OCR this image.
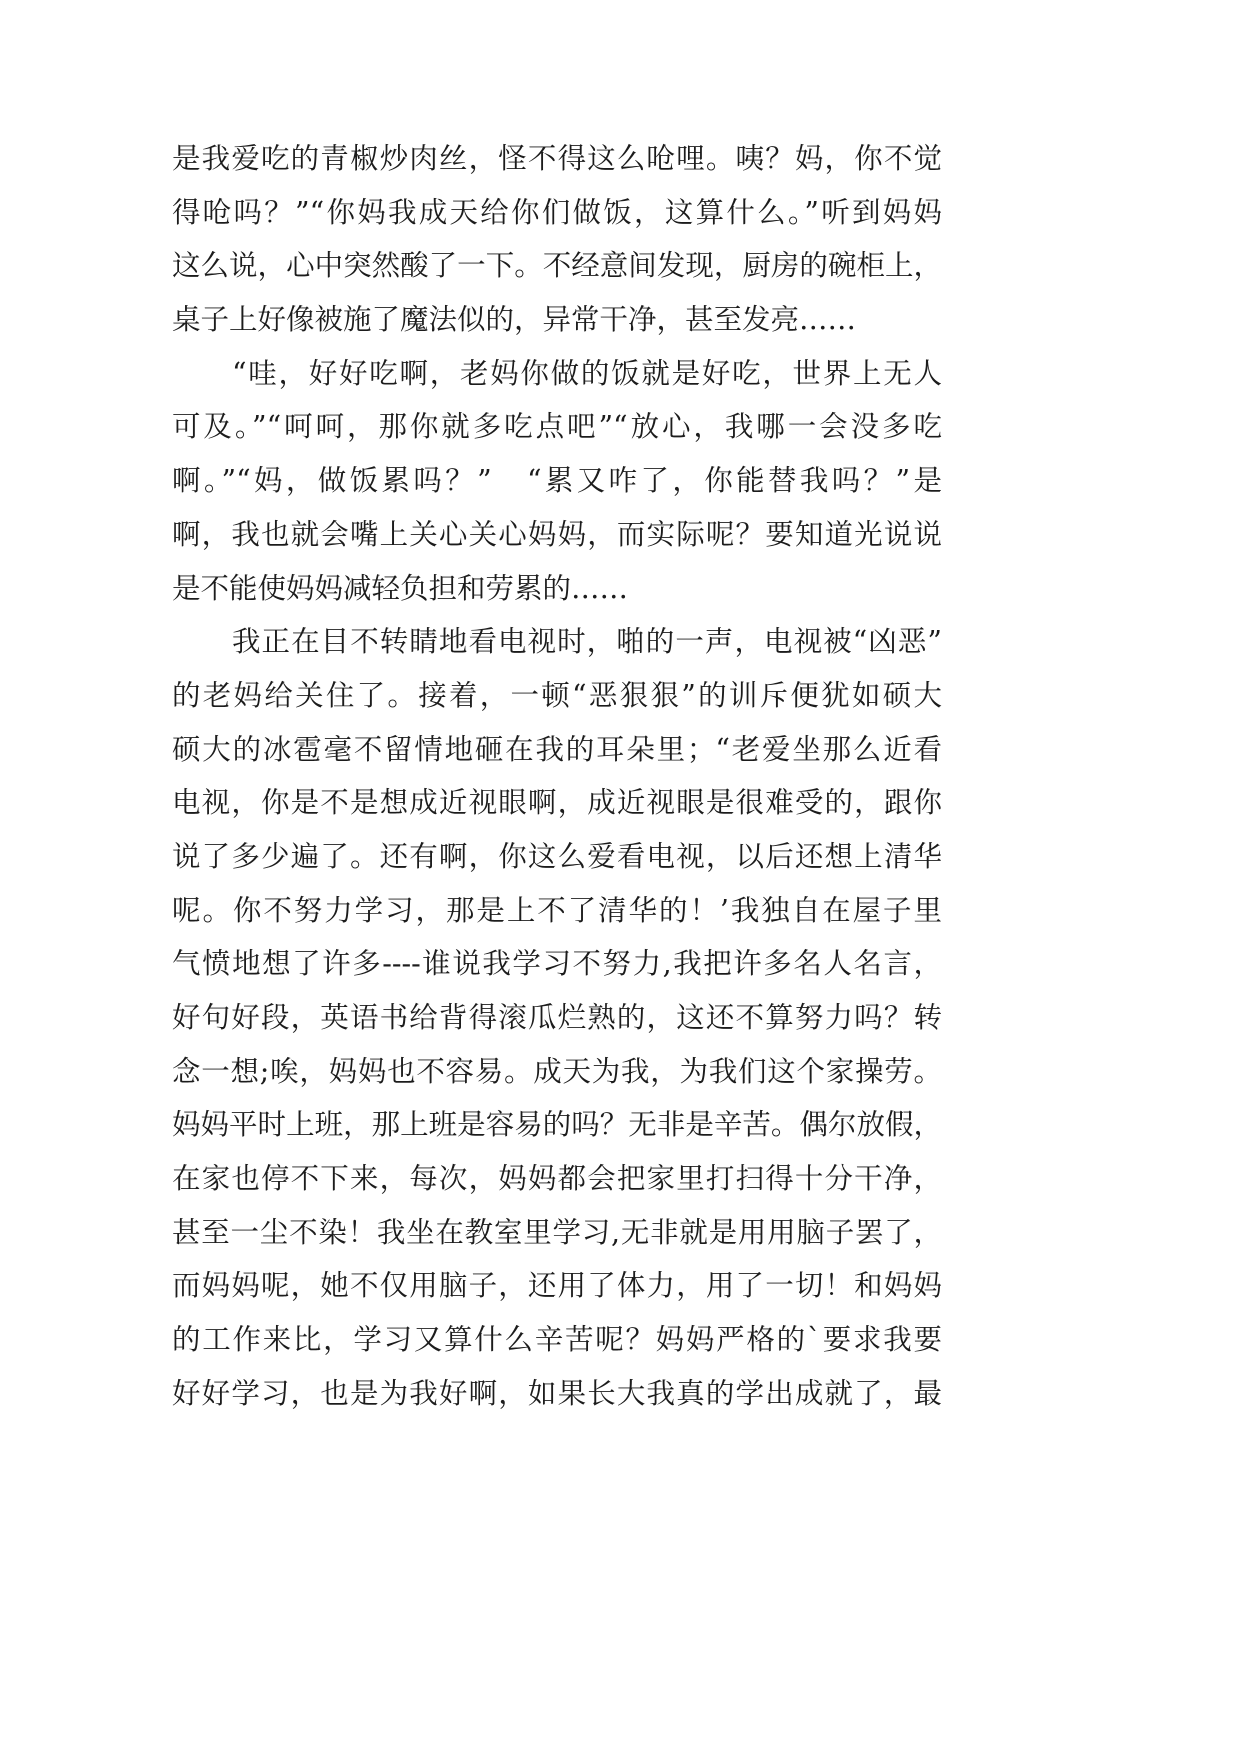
是我爱吃的青椒炒肉丝，怪不得这么呛哩。咦？妈，你不觉
得呛吗？”“你妈我成天给你们做饭，这算什么。”听到妈妈
这么说，心中突然酸了一下。不经意间发现，厨房的碗柜上，
桌子上好像被施了魔法似的，异常干净，甚至发亮……
“哇，好好吃啊，老妈你做的饭就是好吃，世界上无人
可及。”“呵呵，那你就多吃点吧”“放心，我哪一会没多吃
啊。”“妈，做饭累吗？”　“累又咋了，你能替我吗？”是
啊，我也就会嘴上关心关心妈妈，而实际呢？要知道光说说
是不能使妈妈减轻负担和劳累的……
我正在目不转睛地看电视时，啪的一声，电视被“凶恶”
的老妈给关住了。接着，一顿“恶狠狠”的训斥便犹如硕大
硕大的冰雹毫不留情地砸在我的耳朵里；“老爱坐那么近看
电视，你是不是想成近视眼啊，成近视眼是很难受的，跟你
说了多少遍了。还有啊，你这么爱看电视，以后还想上清华
呢。你不努力学习，那是上不了清华的！’我独自在屋子里
气愤地想了许多----谁说我学习不努力,我把许多名人名言，
好句好段，英语书给背得滚瓜烂熟的，这还不算努力吗？转
念一想;唉，妈妈也不容易。成天为我，为我们这个家操劳。
妈妈平时上班，那上班是容易的吗？无非是辛苦。偶尔放假，
在家也停不下来，每次，妈妈都会把家里打扫得十分干净，
甚至一尘不染！我坐在教室里学习,无非就是用用脑子罢了，
而妈妈呢，她不仅用脑子，还用了体力，用了一切！和妈妈
的工作来比，学习又算什么辛苦呢？妈妈严格的`要求我要
好好学习，也是为我好啊，如果长大我真的学出成就了，最
